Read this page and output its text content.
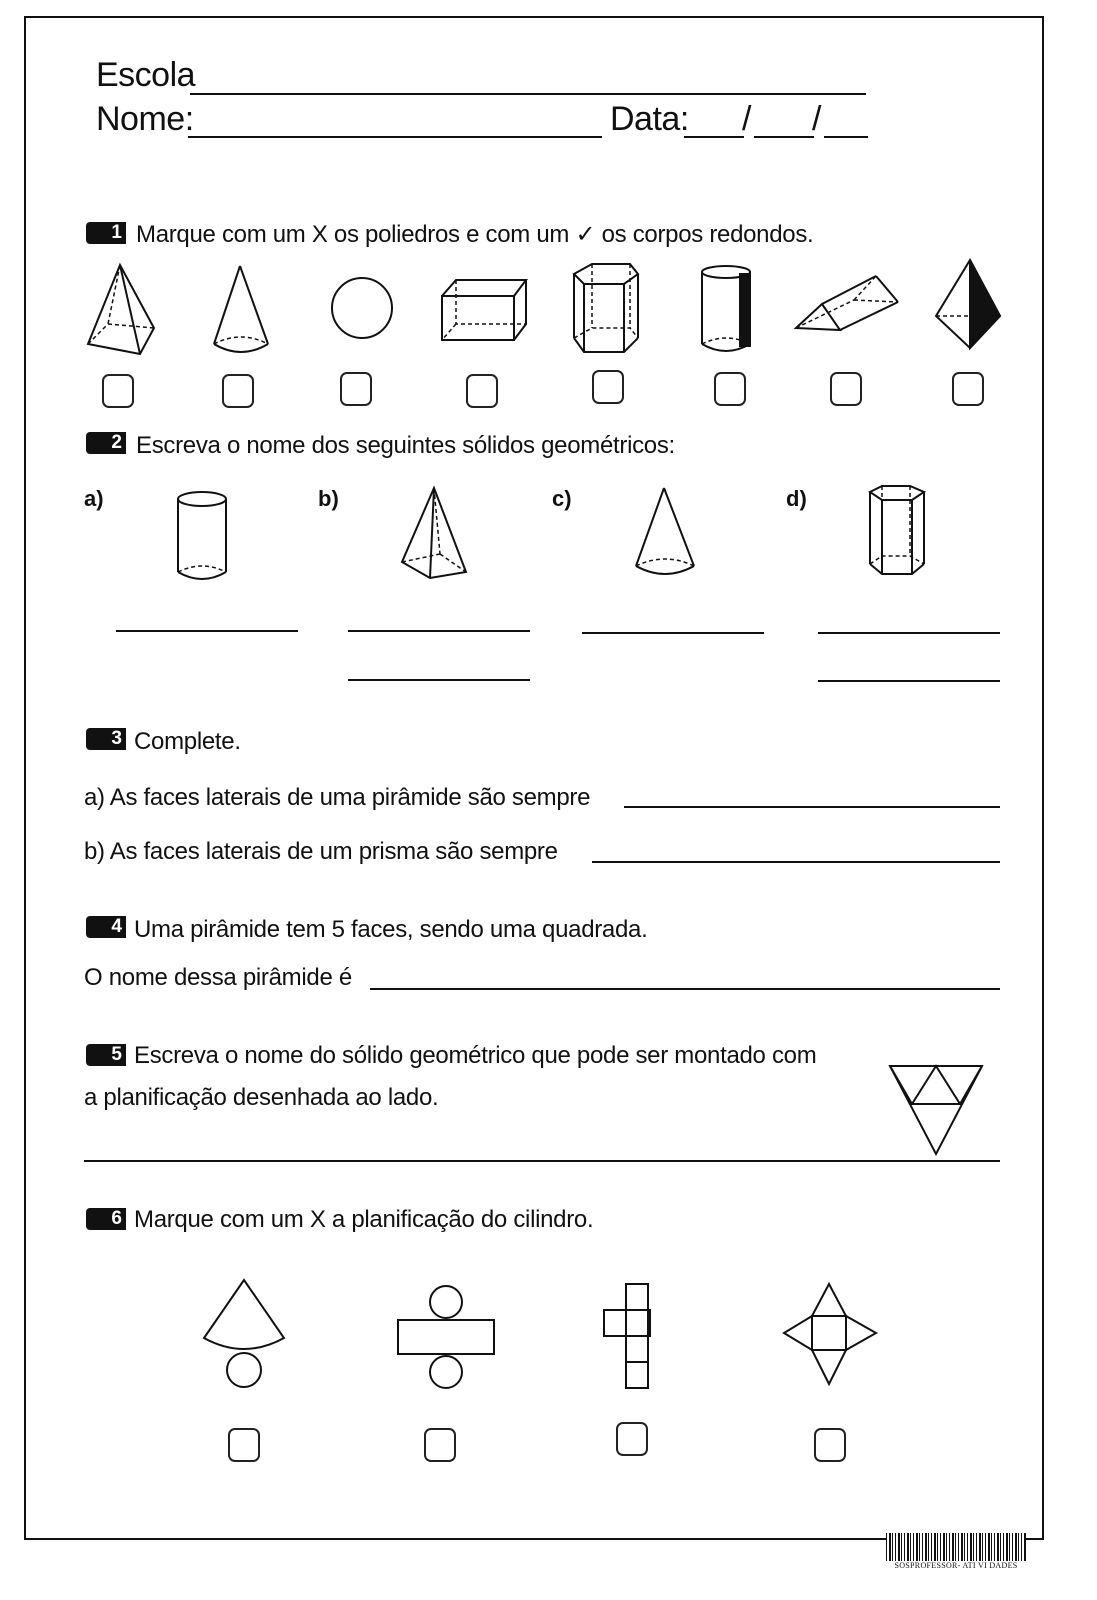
Escola
Nome:	Data: / /
1 Marque com um X os poliedros e com um ✓ os corpos redondos.
2 Escreva o nome dos seguintes sólidos geométricos:
a)	b)	c)	d)
3 Complete.
a) As faces laterais de uma pirâmide são sempre
b) As faces laterais de um prisma são sempre
4 Uma pirâmide tem 5 faces, sendo uma quadrada.
O nome dessa pirâmide é
5 Escreva o nome do sólido geométrico que pode ser montado com
a planificação desenhada ao lado.
6 Marque com um X a planificação do cilindro.
SOSPROFESSOR- ATI VI DADES
